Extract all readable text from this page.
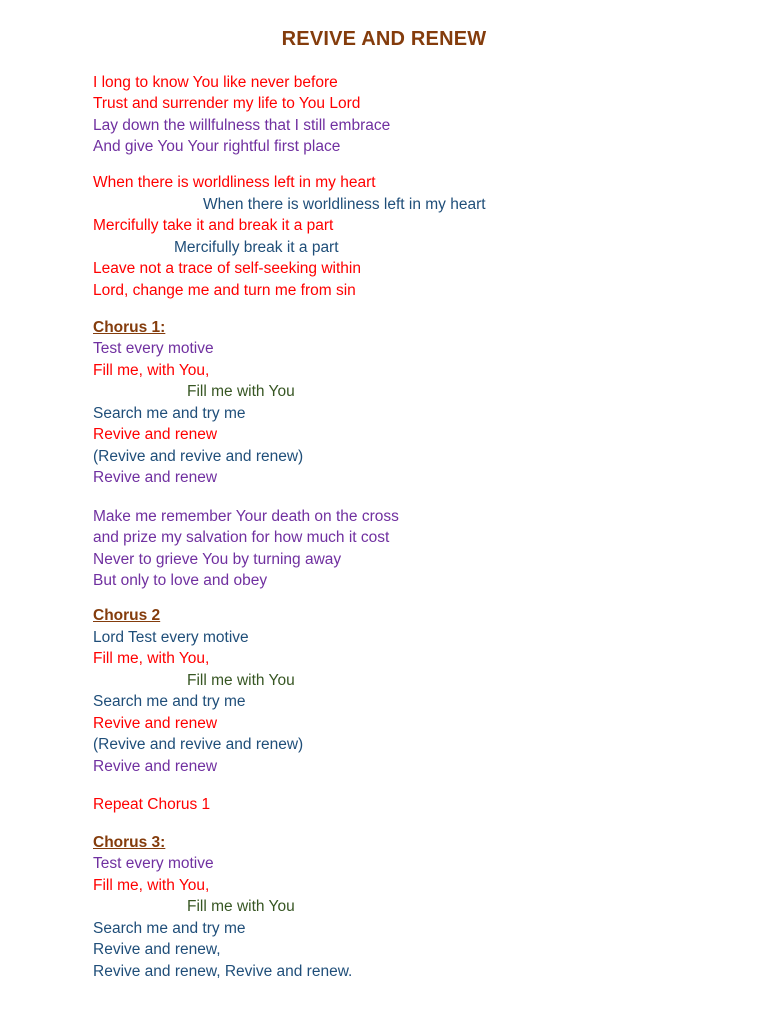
REVIVE AND RENEW
I long to know You like never before
Trust and surrender my life to You Lord
Lay down the willfulness that I still embrace
And give You Your rightful first place
When there is worldliness left in my heart
When there is worldliness left in my heart
Mercifully take it and break it a part
Mercifully break it a part
Leave not a trace of self-seeking within
Lord, change me and turn me from sin
Chorus 1:
Test every motive
Fill me, with You,
Fill me with You
Search me and try me
Revive and renew
(Revive and revive and renew)
Revive and renew
Make me remember Your death on the cross
and prize my salvation for how much it cost
Never to grieve You by turning away
But only to love and obey
Chorus 2
Lord Test every motive
Fill me, with You,
Fill me with You
Search me and try me
Revive and renew
(Revive and revive and renew)
Revive and renew
Repeat Chorus 1
Chorus 3:
Test every motive
Fill me, with You,
Fill me with You
Search me and try me
Revive and renew,
Revive and renew, Revive and renew.
